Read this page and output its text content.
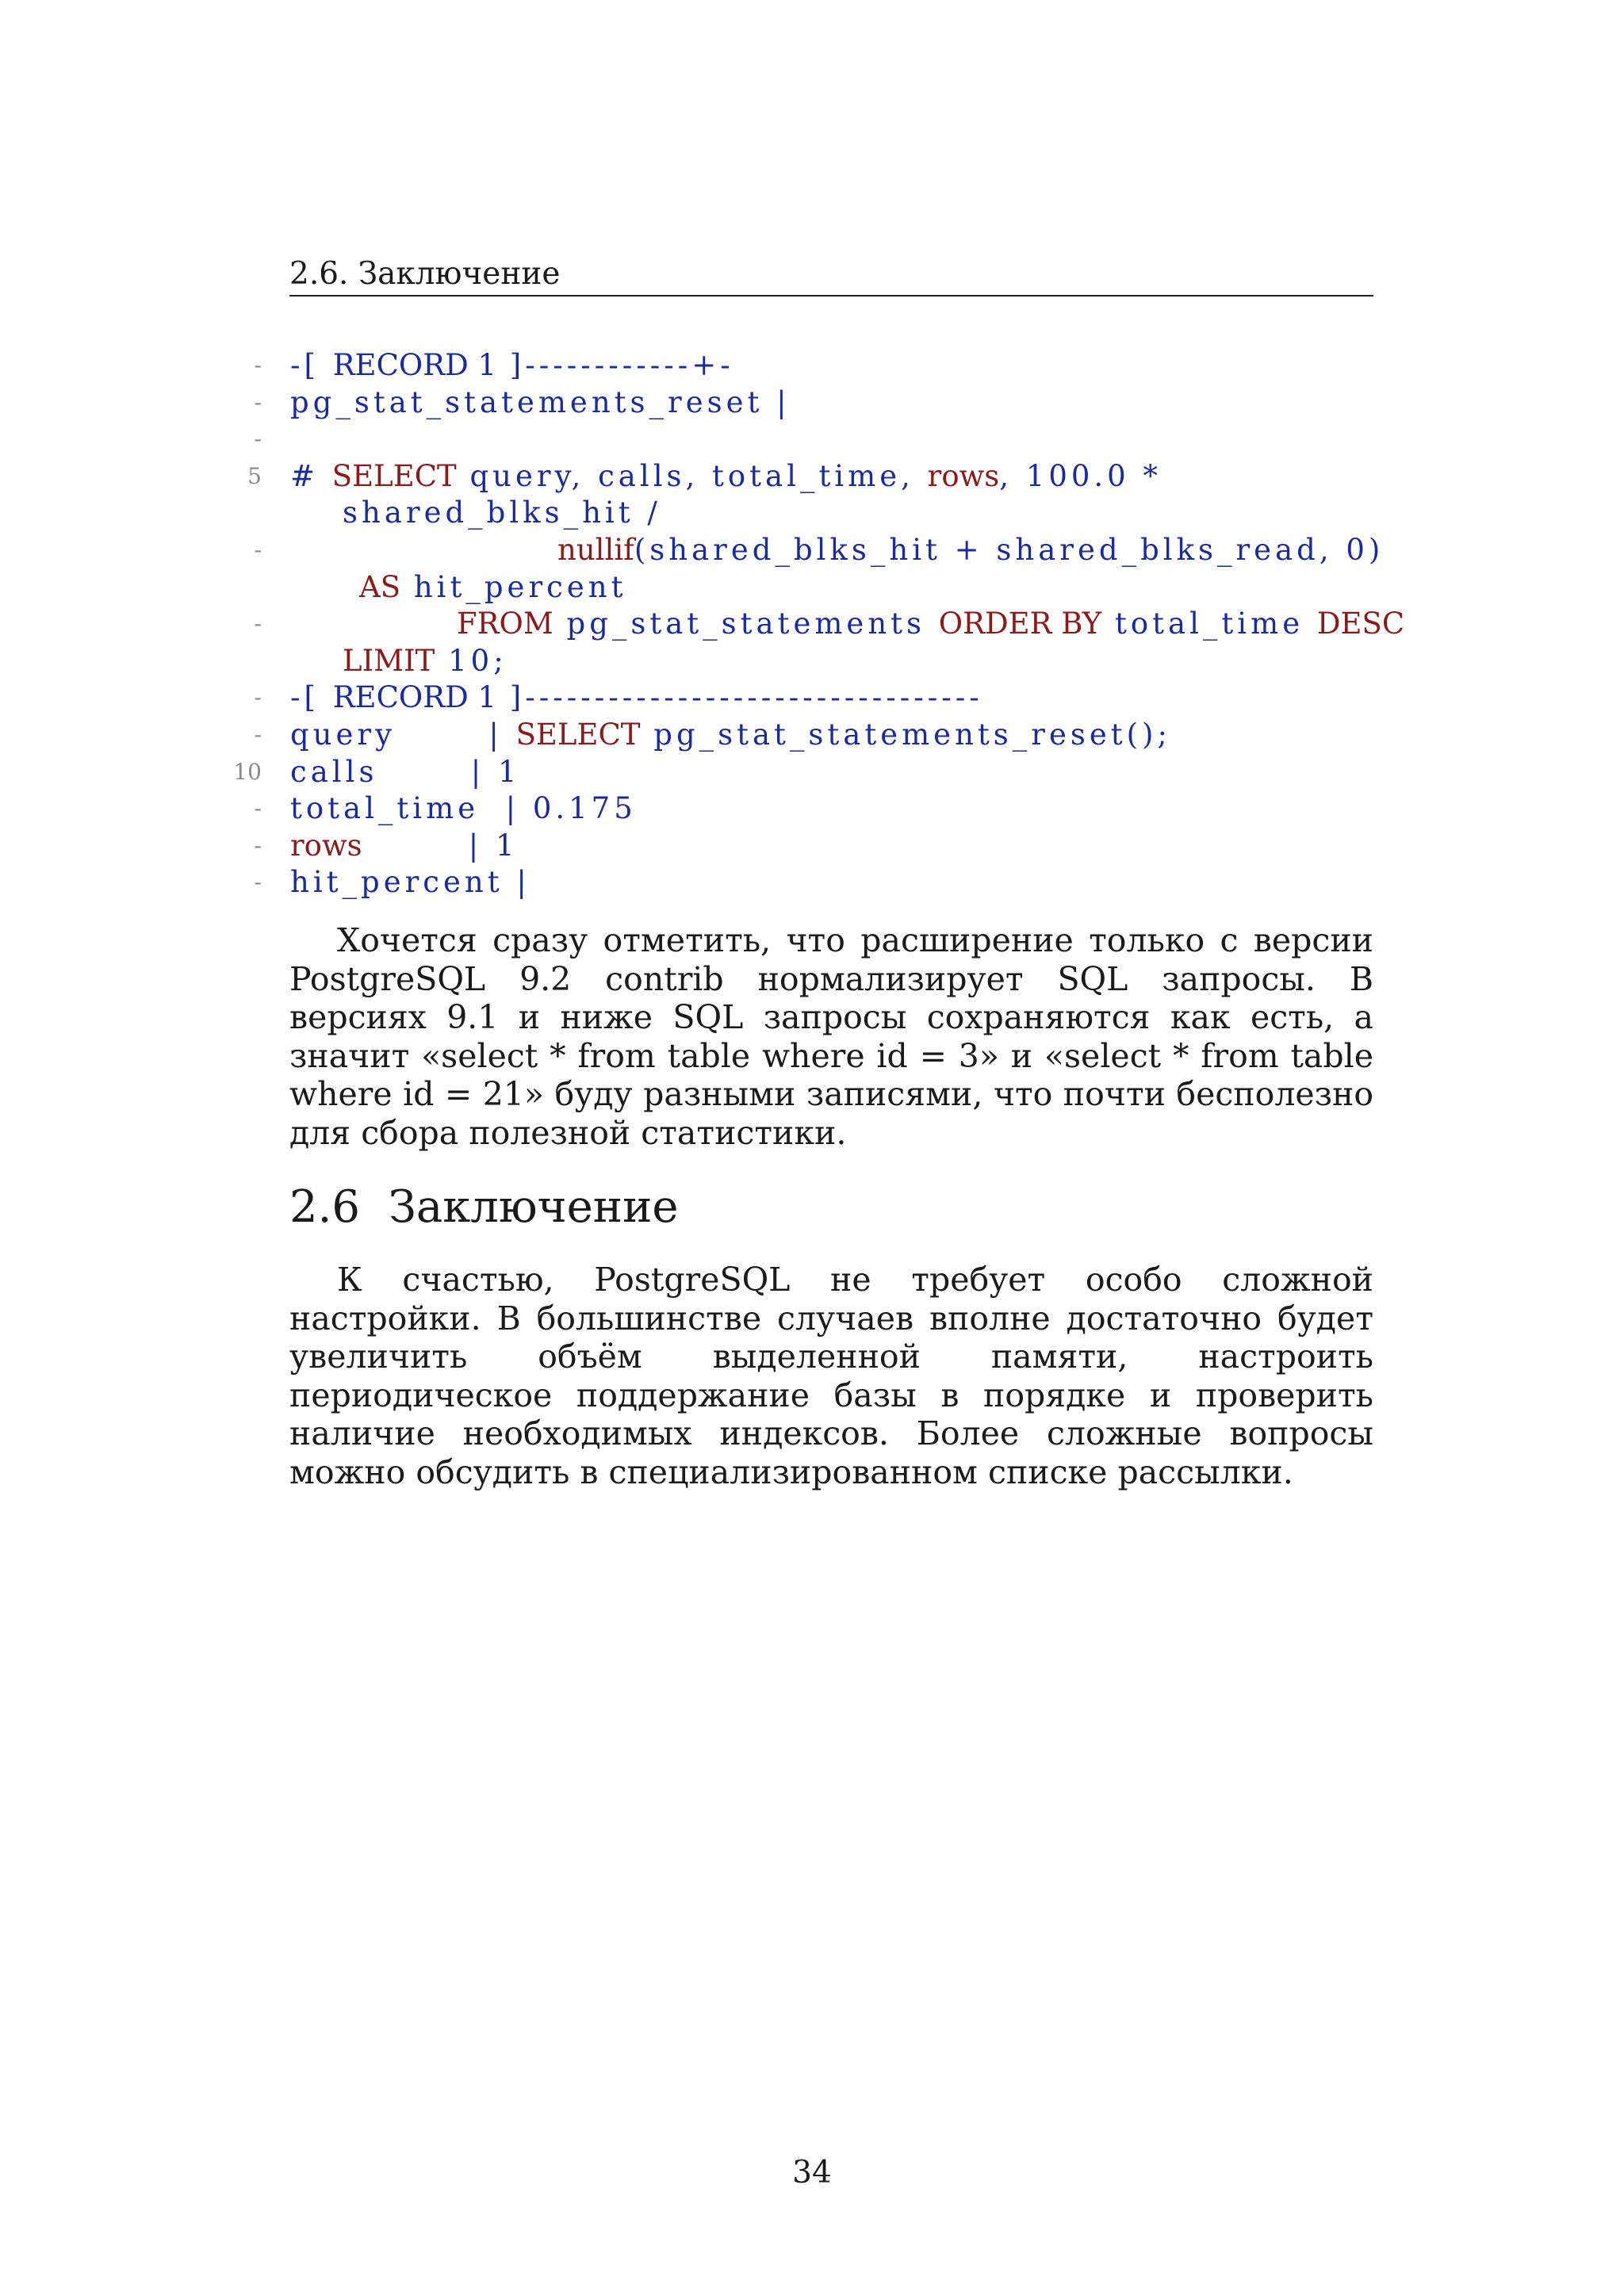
2.6. Заключение
- -[ RECORD 1 ]------------+-
- pg_stat_statements_reset |
-
5 # SELECT query, calls, total_time, rows, 100.0 *
shared_blks_hit /
-	nullif(shared_blks_hit + shared_blks_read, 0)
AS hit_percent
-	FROM pg_stat_statements ORDER BY total_time DESC
LIMIT 10;
- -[ RECORD 1 ]---------------------------------
- query       | SELECT pg_stat_statements_reset();
10 calls       | 1
- total_time  | 0.175
- rows        | 1
- hit_percent |

Хочется сразу отметить, что расширение только с версии PostgreSQL 9.2 contrib нормализирует SQL запросы. В версиях 9.1 и ниже SQL запросы сохраняются как есть, а значит «select * from table where id = 3» и «select * from table where id = 21» буду разными записями, что почти бесполезно для сбора полезной статистики.

2.6 Заключение

К счастью, PostgreSQL не требует особо сложной настройки. В большинстве случаев вполне достаточно будет увеличить объём выделенной памяти, настроить периодическое поддержание базы в порядке и проверить наличие необходимых индексов. Более сложные вопросы можно обсудить в специализированном списке рассылки.

34
